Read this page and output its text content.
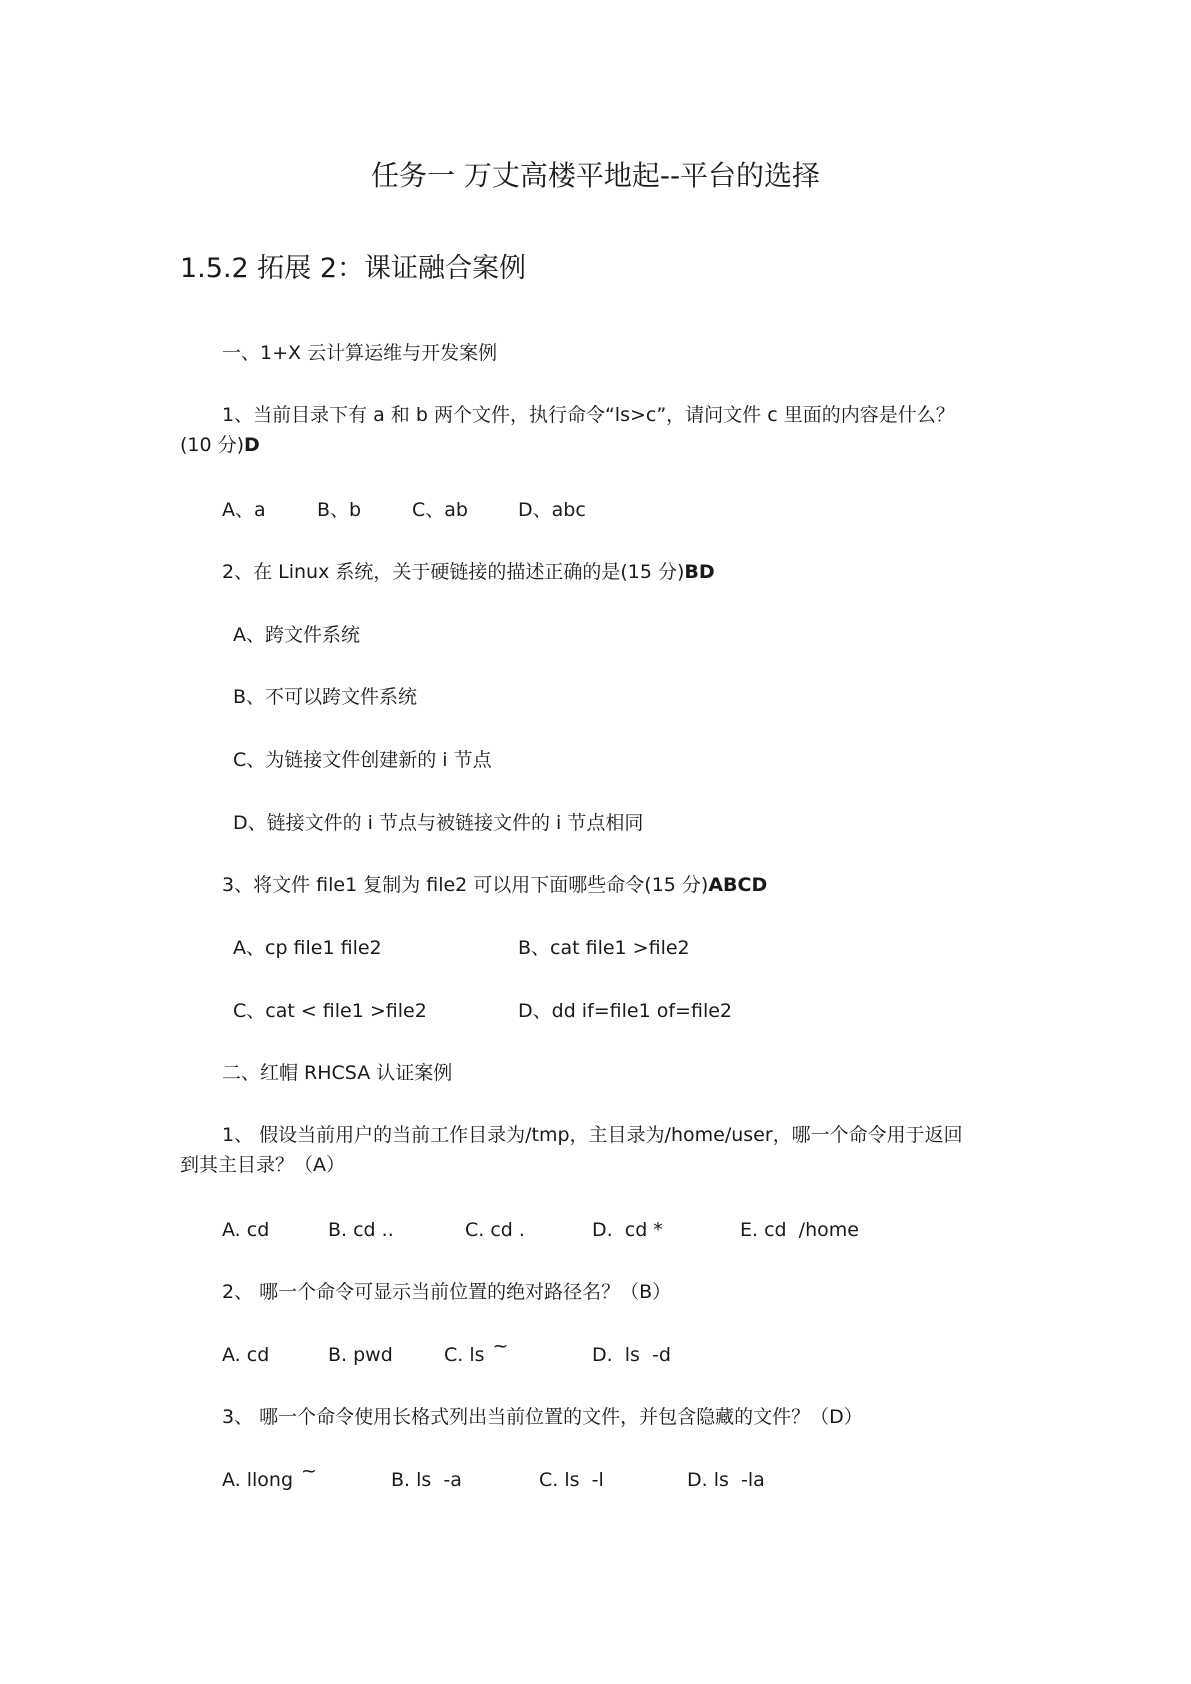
任务一 万丈高楼平地起--平台的选择
1.5.2 拓展 2：课证融合案例
一、1+X 云计算运维与开发案例
1、当前目录下有 a 和 b 两个文件，执行命令“ls>c”，请问文件 c 里面的内容是什么？
(10 分)D
A、a	B、b	C、ab	D、abc
2、在 Linux 系统，关于硬链接的描述正确的是(15 分)BD
A、跨文件系统
B、不可以跨文件系统
C、为链接文件创建新的 i 节点
D、链接文件的 i 节点与被链接文件的 i 节点相同
3、将文件 file1 复制为 file2 可以用下面哪些命令(15 分)ABCD
A、cp file1 file2	B、cat file1 >file2
C、cat < file1 >file2	D、dd if=file1 of=file2
二、红帽 RHCSA 认证案例
1、 假设当前用户的当前工作目录为/tmp，主目录为/home/user，哪一个命令用于返回
到其主目录？（A）
A. cd	B. cd ..	C. cd .	D.  cd *	E. cd  /home
2、 哪一个命令可显示当前位置的绝对路径名？（B）
A. cd	B. pwd	C. ls ~	D.  ls  -d
3、 哪一个命令使用长格式列出当前位置的文件，并包含隐藏的文件？（D）
A. llong ~	B. ls  -a	C. ls  -l	D. ls  -la
